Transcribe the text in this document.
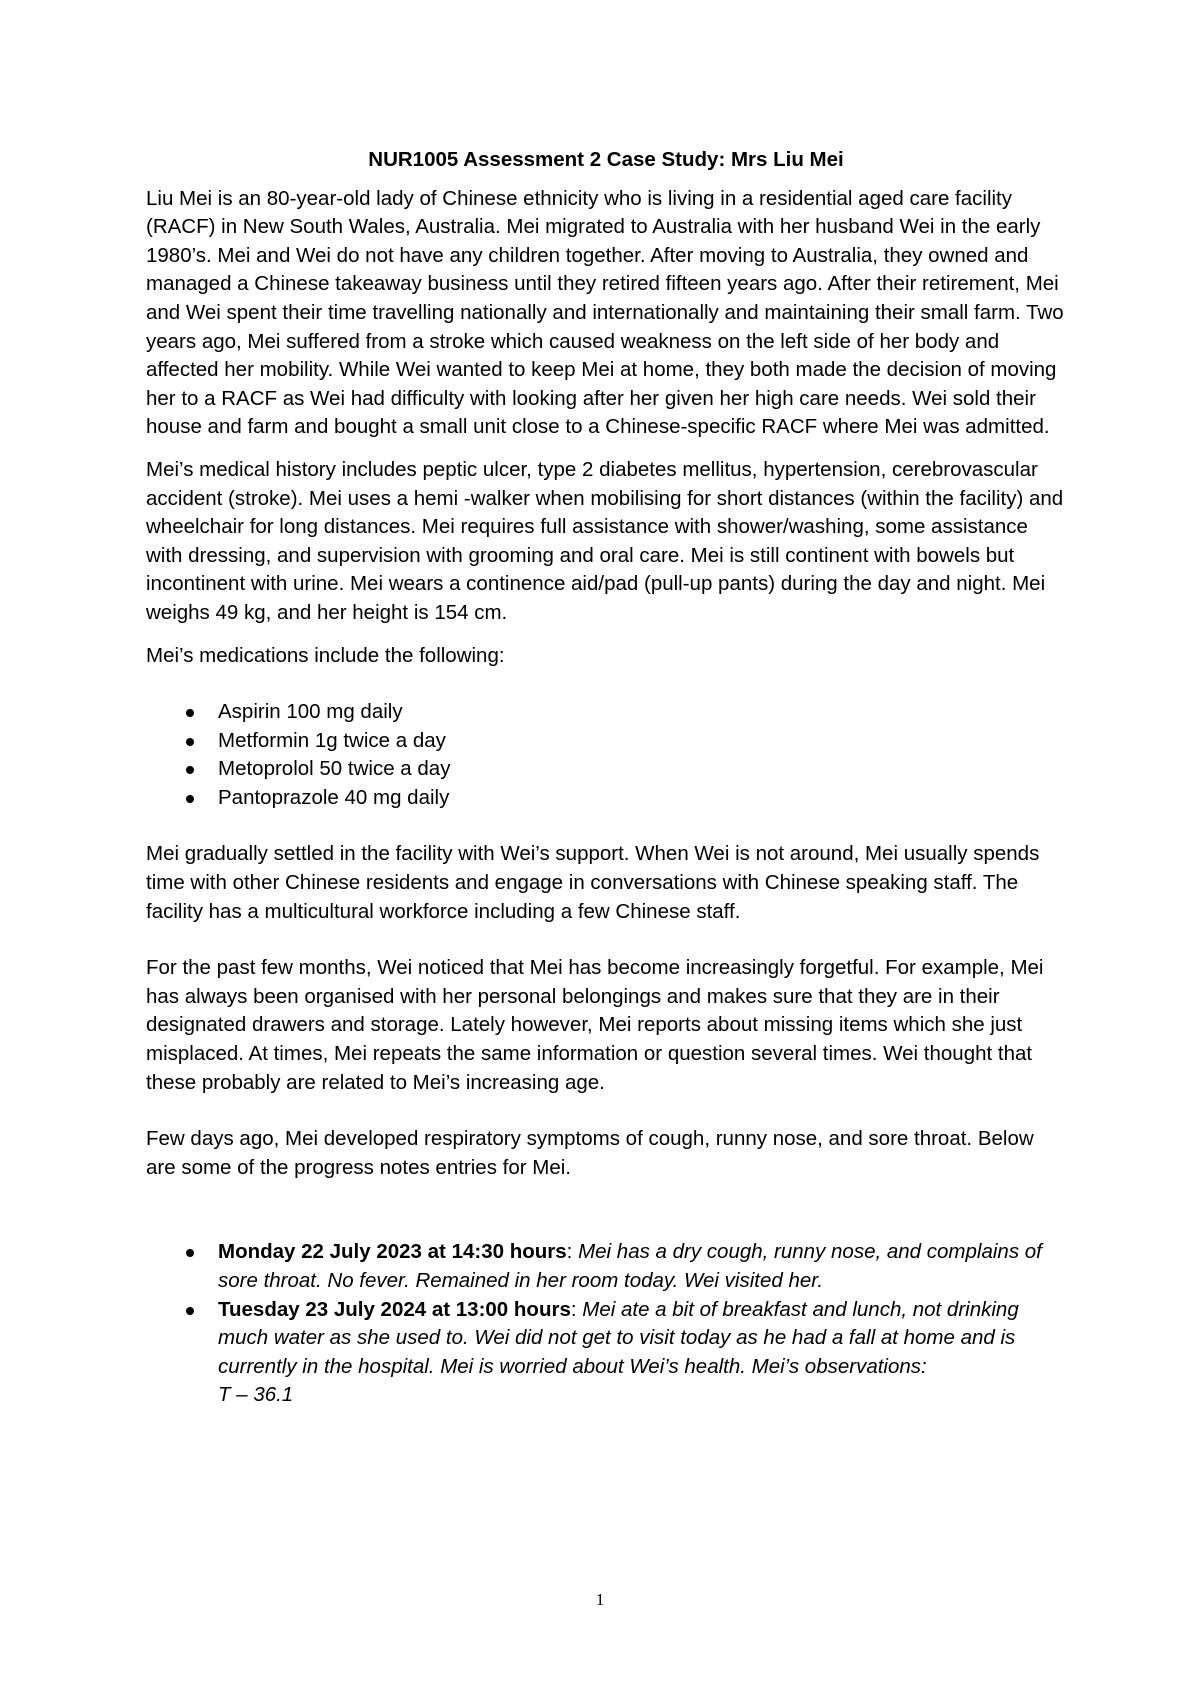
NUR1005 Assessment 2 Case Study: Mrs Liu Mei

Liu Mei is an 80-year-old lady of Chinese ethnicity who is living in a residential aged care facility (RACF) in New South Wales, Australia. Mei migrated to Australia with her husband Wei in the early 1980’s. Mei and Wei do not have any children together. After moving to Australia, they owned and managed a Chinese takeaway business until they retired fifteen years ago. After their retirement, Mei and Wei spent their time travelling nationally and internationally and maintaining their small farm. Two years ago, Mei suffered from a stroke which caused weakness on the left side of her body and affected her mobility. While Wei wanted to keep Mei at home, they both made the decision of moving her to a RACF as Wei had difficulty with looking after her given her high care needs. Wei sold their house and farm and bought a small unit close to a Chinese-specific RACF where Mei was admitted.

Mei’s medical history includes peptic ulcer, type 2 diabetes mellitus, hypertension, cerebrovascular accident (stroke). Mei uses a hemi -walker when mobilising for short distances (within the facility) and wheelchair for long distances. Mei requires full assistance with shower/washing, some assistance with dressing, and supervision with grooming and oral care. Mei is still continent with bowels but incontinent with urine. Mei wears a continence aid/pad (pull-up pants) during the day and night. Mei weighs 49 kg, and her height is 154 cm.

Mei’s medications include the following:

Aspirin 100 mg daily
Metformin 1g twice a day
Metoprolol 50 twice a day
Pantoprazole 40 mg daily

Mei gradually settled in the facility with Wei’s support. When Wei is not around, Mei usually spends time with other Chinese residents and engage in conversations with Chinese speaking staff. The facility has a multicultural workforce including a few Chinese staff.

For the past few months, Wei noticed that Mei has become increasingly forgetful. For example, Mei has always been organised with her personal belongings and makes sure that they are in their designated drawers and storage. Lately however, Mei reports about missing items which she just misplaced. At times, Mei repeats the same information or question several times. Wei thought that these probably are related to Mei’s increasing age.

Few days ago, Mei developed respiratory symptoms of cough, runny nose, and sore throat. Below are some of the progress notes entries for Mei.

Monday 22 July 2023 at 14:30 hours: Mei has a dry cough, runny nose, and complains of sore throat. No fever. Remained in her room today. Wei visited her.
Tuesday 23 July 2024 at 13:00 hours: Mei ate a bit of breakfast and lunch, not drinking much water as she used to. Wei did not get to visit today as he had a fall at home and is currently in the hospital. Mei is worried about Wei’s health. Mei’s observations:
T – 36.1
1
